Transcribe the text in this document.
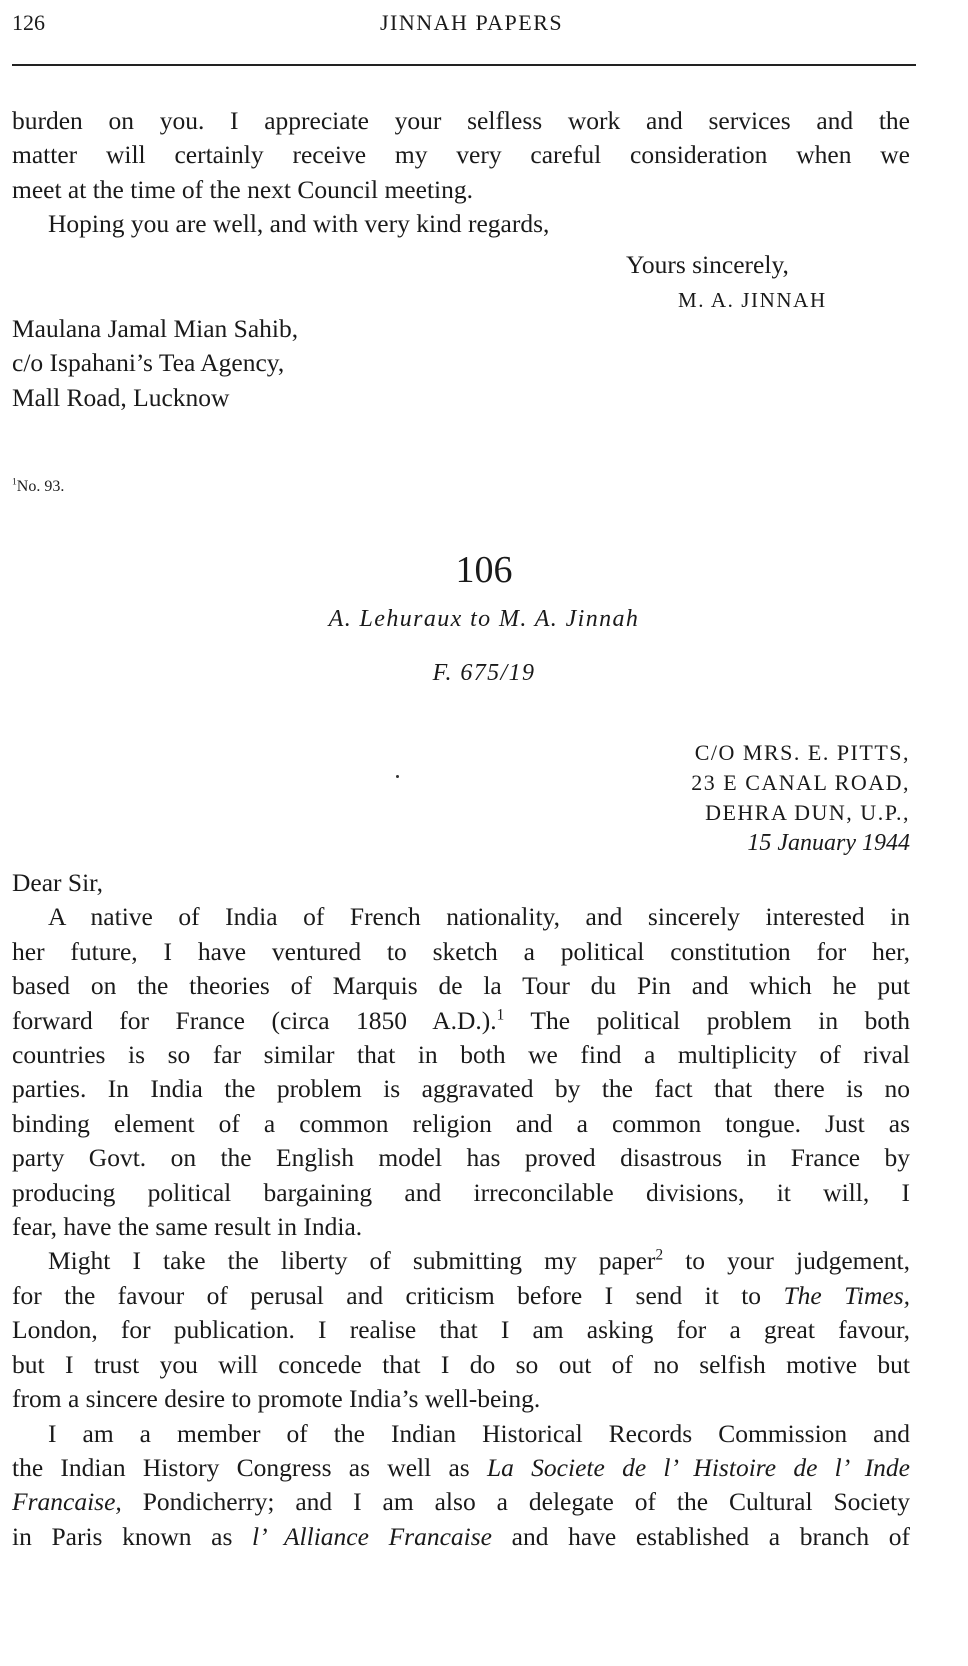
126	JINNAH PAPERS
burden on you. I appreciate your selfless work and services and the
matter will certainly receive my very careful consideration when we
meet at the time of the next Council meeting.
Hoping you are well, and with very kind regards,
Yours sincerely,
M. A. JINNAH
Maulana Jamal Mian Sahib,
c/o Ispahani’s Tea Agency,
Mall Road, Lucknow
$^1$No. 93.
106
A. Lehuraux to M. A. Jinnah
F. 675/19
C/O MRS. E. PITTS,
23 E CANAL ROAD,
DEHRA DUN, U.P.,
15 January 1944
Dear Sir,
A native of India of French nationality, and sincerely interested in
her future, I have ventured to sketch a political constitution for her,
based on the theories of Marquis de la Tour du Pin and which he put
forward for France (circa 1850 A.D.).$^1$ The political problem in both
countries is so far similar that in both we find a multiplicity of rival
parties. In India the problem is aggravated by the fact that there is no
binding element of a common religion and a common tongue. Just as
party Govt. on the English model has proved disastrous in France by
producing political bargaining and irreconcilable divisions, it will, I
fear, have the same result in India.
Might I take the liberty of submitting my paper$^2$ to your judgement,
for the favour of perusal and criticism before I send it to The Times,
London, for publication. I realise that I am asking for a great favour,
but I trust you will concede that I do so out of no selfish motive but
from a sincere desire to promote India’s well-being.
I am a member of the Indian Historical Records Commission and
the Indian History Congress as well as La Societe de l’ Histoire de l’ Inde
Francaise, Pondicherry; and I am also a delegate of the Cultural Society
in Paris known as l’ Alliance Francaise and have established a branch of
